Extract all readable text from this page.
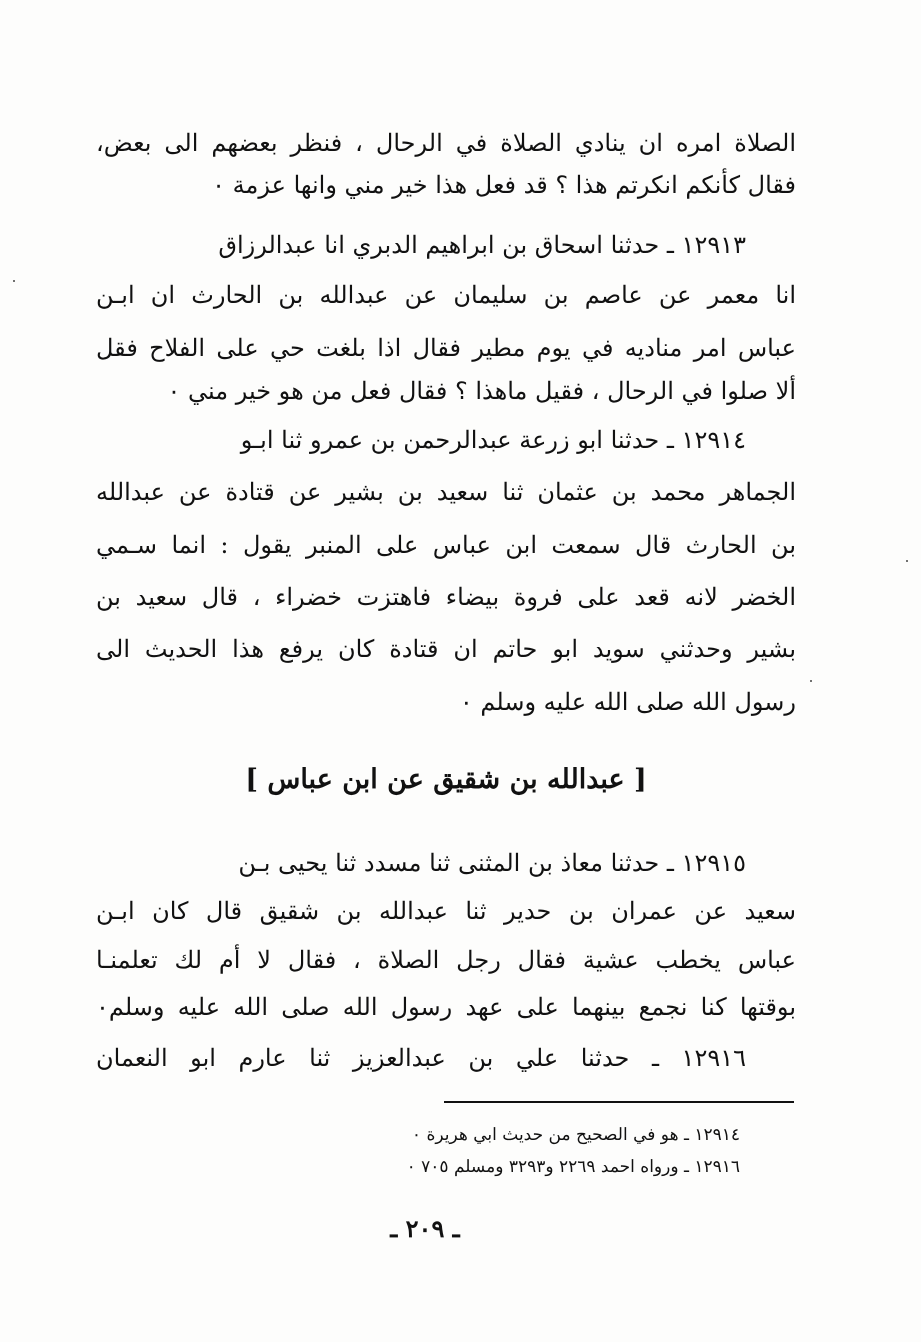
الصلاة امره ان ينادي الصلاة في الرحال ، فنظر بعضهم الى بعض،
فقال كأنكم انكرتم هذا ؟ قد فعل هذا خير مني وانها عزمة ٠
١٢٩١٣ ـ حدثنا اسحاق بن ابراهيم الدبري انا عبدالرزاق
انا معمر عن عاصم بن سليمان عن عبدالله بن الحارث ان ابـن
عباس امر مناديه في يوم مطير فقال اذا بلغت حي على الفلاح فقل
ألا صلوا في الرحال ، فقيل ماهذا ؟ فقال فعل من هو خير مني ٠
١٢٩١٤ ـ حدثنا ابو زرعة عبدالرحمن بن عمرو ثنا ابـو
الجماهر محمد بن عثمان ثنا سعيد بن بشير عن قتادة عن عبدالله
بن الحارث قال سمعت ابن عباس على المنبر يقول : انما سـمي
الخضر لانه قعد على فروة بيضاء فاهتزت خضراء ، قال سعيد بن
بشير وحدثني سويد ابو حاتم ان قتادة كان يرفع هذا الحديث الى
رسول الله صلى الله عليه وسلم ٠
[ عبدالله بن شقيق عن ابن عباس ]
١٢٩١٥ ـ حدثنا معاذ بن المثنى ثنا مسدد ثنا يحيى بـن
سعيد عن عمران بن حدير ثنا عبدالله بن شقيق قال كان ابـن
عباس يخطب عشية فقال رجل الصلاة ، فقال لا أم لك تعلمنـا
بوقتها كنا نجمع بينهما على عهد رسول الله صلى الله عليه وسلم٠
١٢٩١٦ ـ حدثنا علي بن عبدالعزيز ثنا عارم ابو النعمان
١٢٩١٤ ـ هو في الصحيح من حديث ابي هريرة ٠
١٢٩١٦ ـ ورواه احمد ٢٢٦٩ و٣٢٩٣ ومسلم ٧٠٥ ٠
ـ ٢٠٩ ـ
